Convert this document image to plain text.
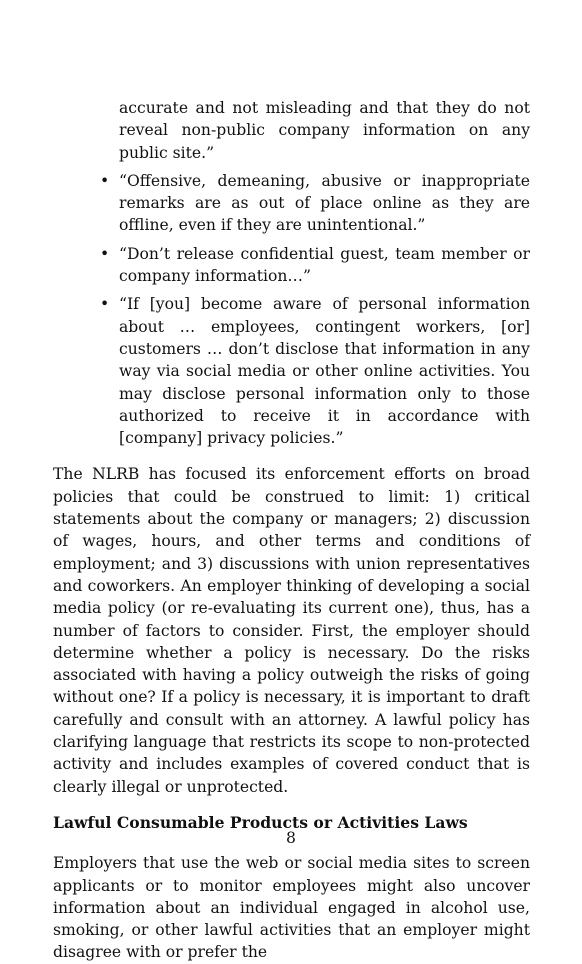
accurate and not misleading and that they do not reveal non-public company information on any public site.”

• “Offensive, demeaning, abusive or inappropriate remarks are as out of place online as they are offline, even if they are unintentional.”
• “Don’t release confidential guest, team member or company information…”
• “If [you] become aware of personal information about … employees, contingent workers, [or] customers … don’t disclose that information in any way via social media or other online activities. You may disclose personal information only to those authorized to receive it in accordance with [company] privacy policies.”

The NLRB has focused its enforcement efforts on broad policies that could be construed to limit: 1) critical statements about the company or managers; 2) discussion of wages, hours, and other terms and conditions of employment; and 3) discussions with union representatives and coworkers. An employer thinking of developing a social media policy (or re-evaluating its current one), thus, has a number of factors to consider. First, the employer should determine whether a policy is necessary. Do the risks associated with having a policy outweigh the risks of going without one? If a policy is necessary, it is important to draft carefully and consult with an attorney. A lawful policy has clarifying language that restricts its scope to non-protected activity and includes examples of covered conduct that is clearly illegal or unprotected.

Lawful Consumable Products or Activities Laws

Employers that use the web or social media sites to screen applicants or to monitor employees might also uncover information about an individual engaged in alcohol use, smoking, or other lawful activities that an employer might disagree with or prefer the

8
